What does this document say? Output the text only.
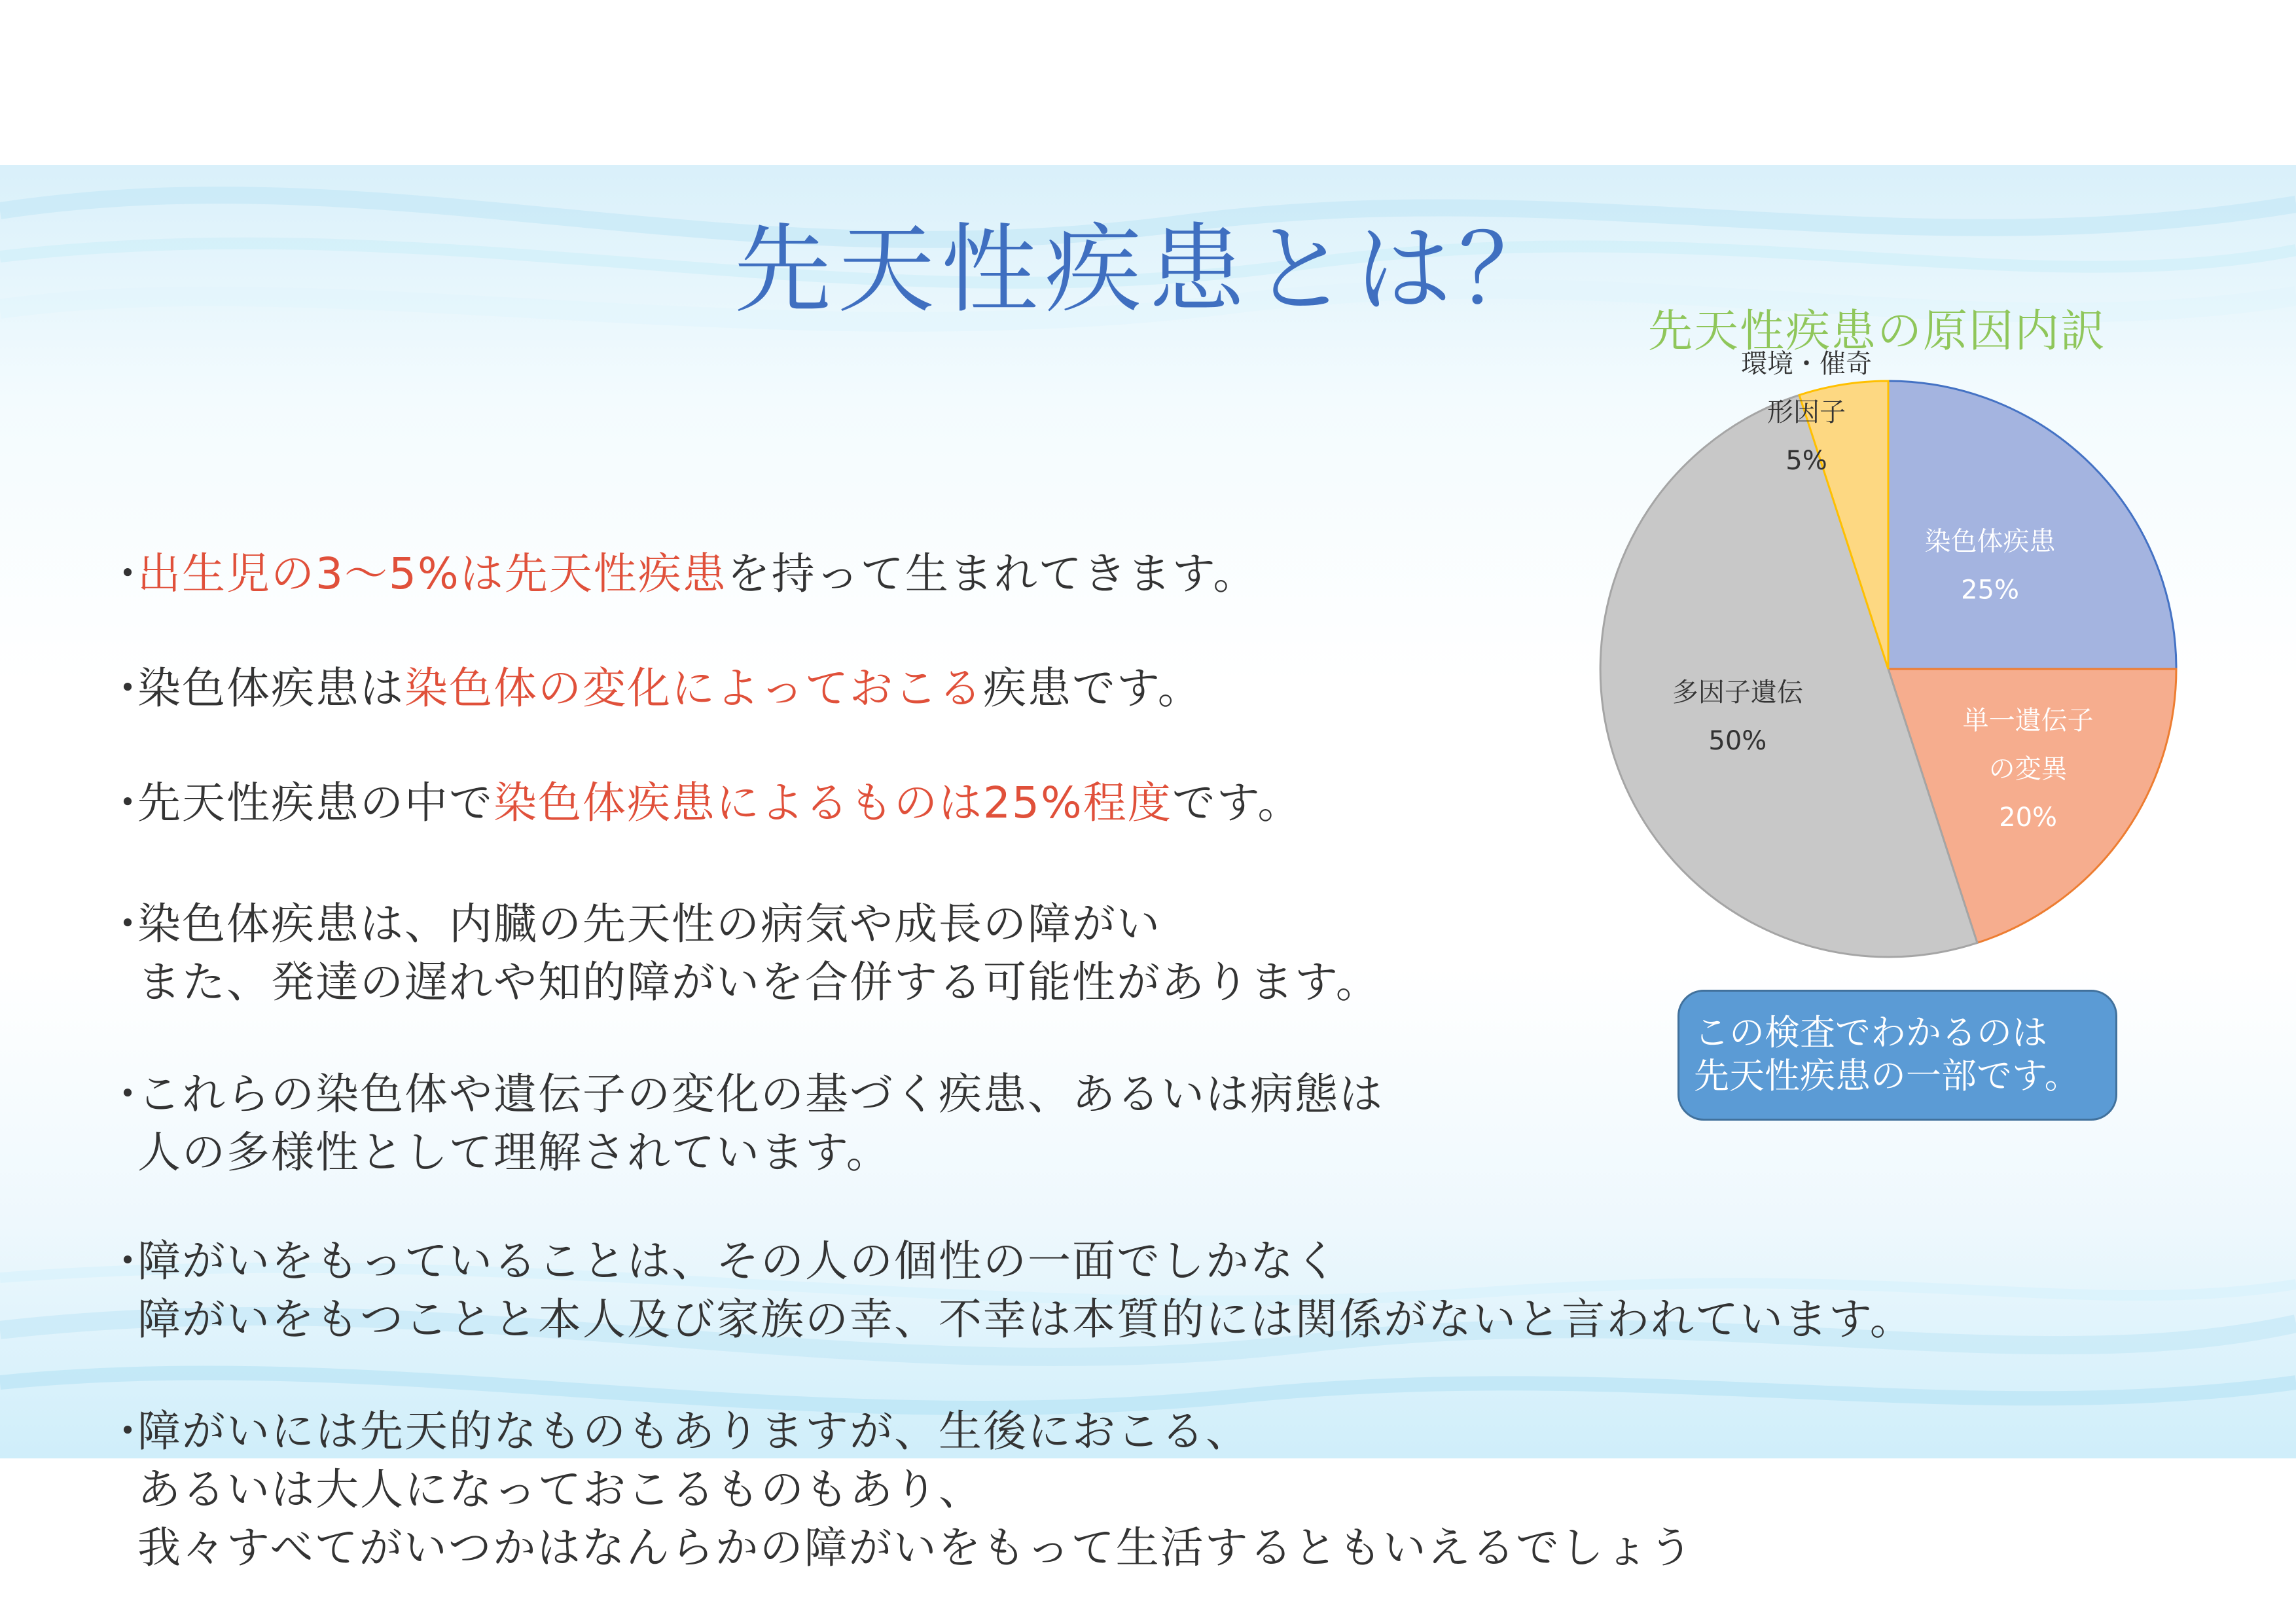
先天性疾患とは？
・
出生児の3〜5%は先天性疾患を持って生まれてきます。
・
染色体疾患は染色体の変化によっておこる疾患です。
・
先天性疾患の中で染色体疾患によるものは25%程度です。
・
染色体疾患は、内臓の先天性の病気や成長の障がい
また、発達の遅れや知的障がいを合併する可能性があります。
・
これらの染色体や遺伝子の変化の基づく疾患、あるいは病態は
人の多様性として理解されています。
・
障がいをもっていることは、その人の個性の一面でしかなく
障がいをもつことと本人及び家族の幸、不幸は本質的には関係がないと言われています。
・
障がいには先天的なものもありますが、生後におこる、
あるいは大人になっておこるものもあり、
我々すべてがいつかはなんらかの障がいをもって生活するともいえるでしょう
先天性疾患の原因内訳
染色体疾患
25%
単一遺伝子
の変異
20%
多因子遺伝
50%
環境・催奇
形因子
5%
この検査でわかるのは
先天性疾患の一部です。
